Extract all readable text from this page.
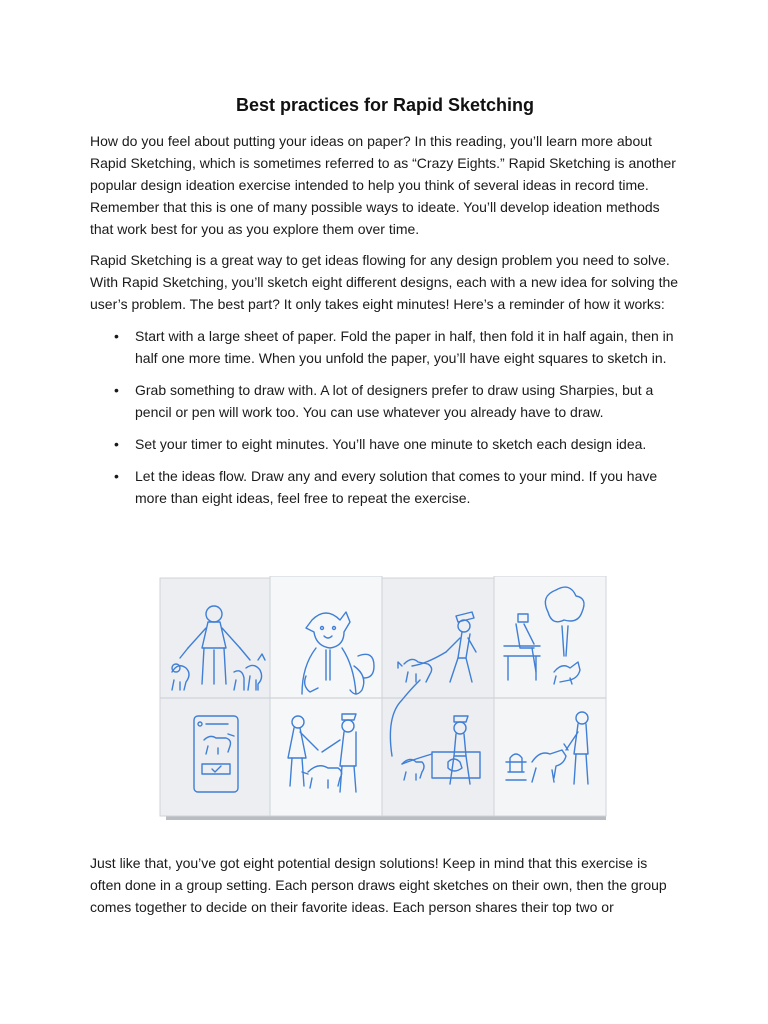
Best practices for Rapid Sketching

How do you feel about putting your ideas on paper? In this reading, you’ll learn more about Rapid Sketching, which is sometimes referred to as “Crazy Eights.” Rapid Sketching is another popular design ideation exercise intended to help you think of several ideas in record time. Remember that this is one of many possible ways to ideate. You’ll develop ideation methods that work best for you as you explore them over time.

Rapid Sketching is a great way to get ideas flowing for any design problem you need to solve. With Rapid Sketching, you’ll sketch eight different designs, each with a new idea for solving the user’s problem. The best part? It only takes eight minutes! Here’s a reminder of how it works:

• Start with a large sheet of paper. Fold the paper in half, then fold it in half again, then in half one more time. When you unfold the paper, you’ll have eight squares to sketch in.
• Grab something to draw with. A lot of designers prefer to draw using Sharpies, but a pencil or pen will work too. You can use whatever you already have to draw.
• Set your timer to eight minutes. You’ll have one minute to sketch each design idea.
• Let the ideas flow. Draw any and every solution that comes to your mind. If you have more than eight ideas, feel free to repeat the exercise.

Just like that, you’ve got eight potential design solutions! Keep in mind that this exercise is often done in a group setting. Each person draws eight sketches on their own, then the group comes together to decide on their favorite ideas. Each person shares their top two or
